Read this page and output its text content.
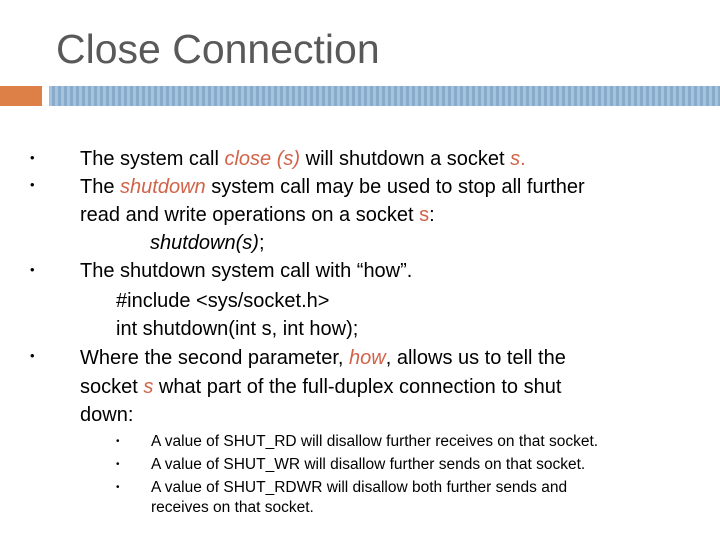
Close Connection
• The system call close (s) will shutdown a socket s.
• The shutdown system call may be used to stop all further
read and write operations on a socket s:
shutdown(s);
• The shutdown system call with “how”.
#include <sys/socket.h>
int shutdown(int s, int how);
• Where the second parameter, how, allows us to tell the
socket s what part of the full-duplex connection to shut
down:
• A value of SHUT_RD will disallow further receives on that socket.
• A value of SHUT_WR will disallow further sends on that socket.
• A value of SHUT_RDWR will disallow both further sends and
receives on that socket.
